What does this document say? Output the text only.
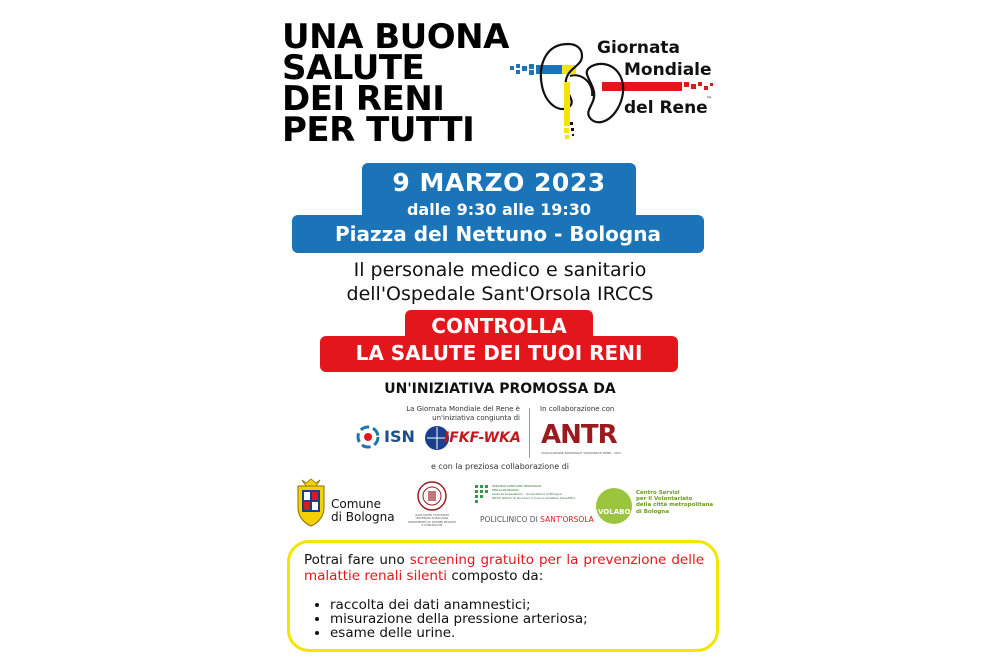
UNA BUONA
SALUTE
DEI RENI
PER TUTTI
Giornata
Mondiale
del Rene
™
9 MARZO 2023
dalle 9:30 alle 19:30
Piazza del Nettuno - Bologna
Il personale medico e sanitario
dell'Ospedale Sant'Orsola IRCCS
CONTROLLA
LA SALUTE DEI TUOI RENI
UN'INIZIATIVA PROMOSSA DA
La Giornata Mondiale del Rene è
un'iniziativa congiunta di
In collaborazione con
ISN IFKF-WKA ANTR
ASSOCIAZIONE NAZIONALE TRAPIANTATI RENE - ODV
e con la preziosa collaborazione di
Comune
di Bologna	ALMA MATER STUDIORUM
UNIVERSITÀ DI BOLOGNA
DIPARTIMENTO DI SCIENZE MEDICHE
E CHIRURGICHE
SERVIZIO SANITARIO REGIONALE
EMILIA-ROMAGNA
Azienda Ospedaliero - Universitaria di Bologna
IRCCS Istituto di Ricovero e Cura a Carattere Scientifico
POLICLINICO DI SANT'ORSOLA
VOLABO
Centro Servizi
per il Volontariato
della città metropolitana
di Bologna

Potrai fare uno screening gratuito per la prevenzione delle malattie renali silenti composto da:

• raccolta dei dati anamnestici;
• misurazione della pressione arteriosa;
• esame delle urine.
